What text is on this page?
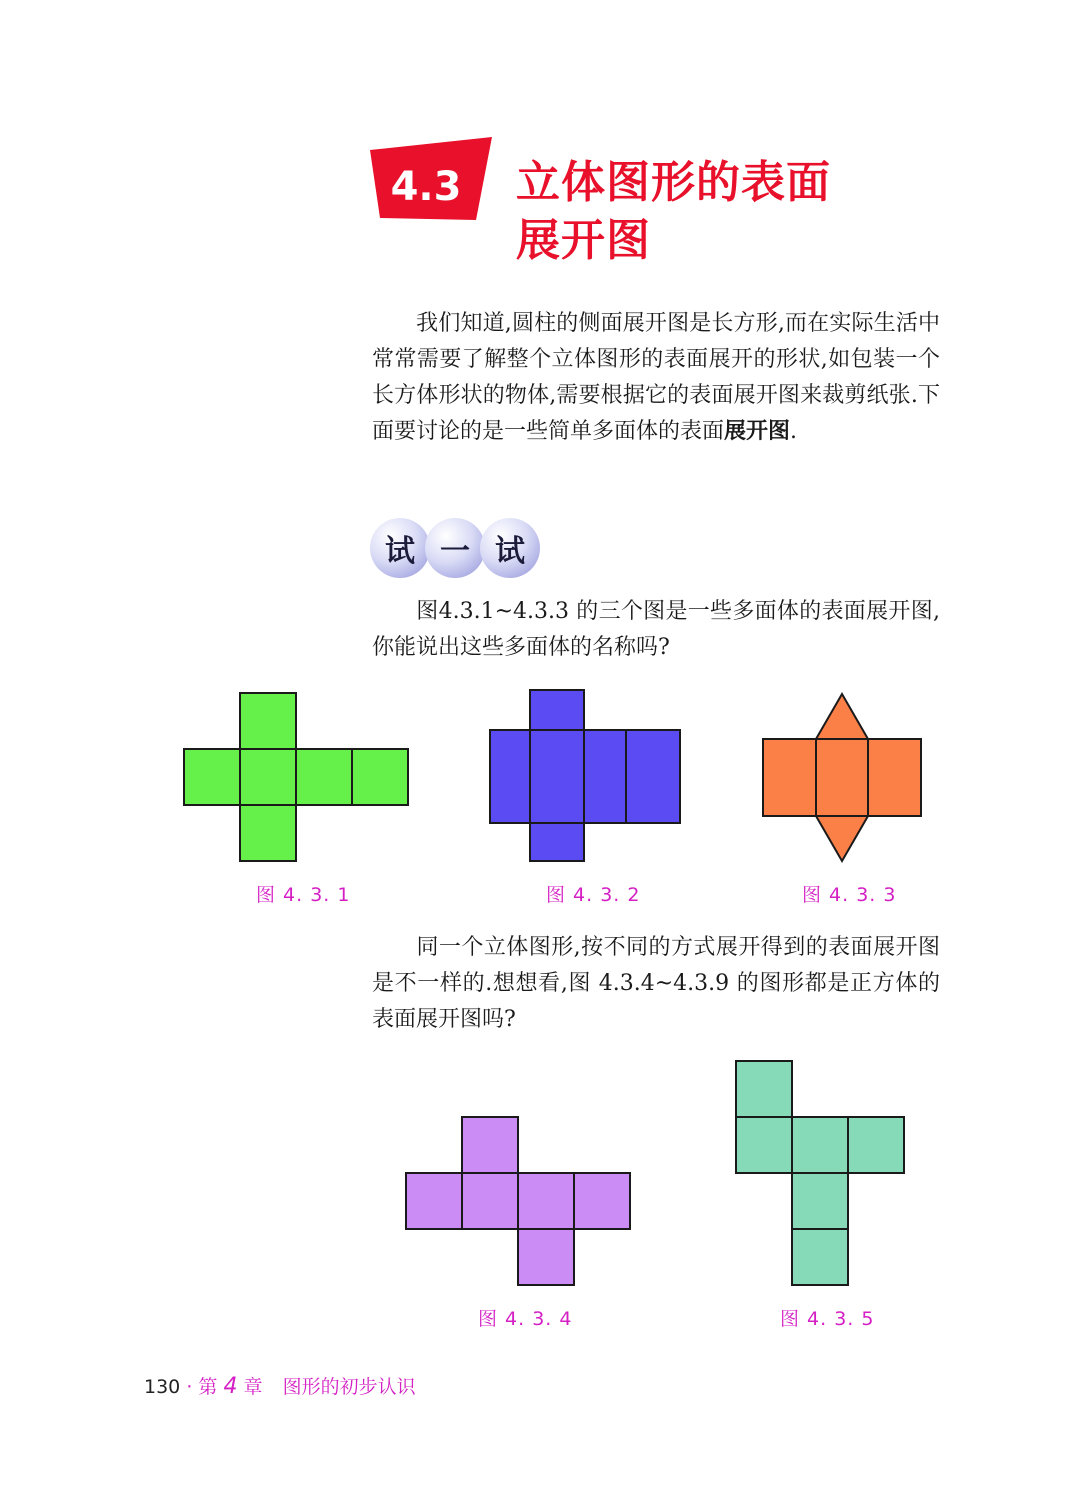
4.3 立体图形的表面
展开图

我们知道,圆柱的侧面展开图是长方形,而在实际生活中常常需要了解整个立体图形的表面展开的形状,如包装一个长方体形状的物体,需要根据它的表面展开图来裁剪纸张.下面要讨论的是一些简单多面体的表面展开图.

试 一 试

图4.3.1~4.3.3 的三个图是一些多面体的表面展开图,你能说出这些多面体的名称吗?

图 4. 3. 1	图 4. 3. 2	图 4. 3. 3

同一个立体图形,按不同的方式展开得到的表面展开图是不一样的.想想看,图 4.3.4~4.3.9 的图形都是正方体的表面展开图吗?

图 4. 3. 4	图 4. 3. 5
130 · 第 4 章 图形的初步认识
